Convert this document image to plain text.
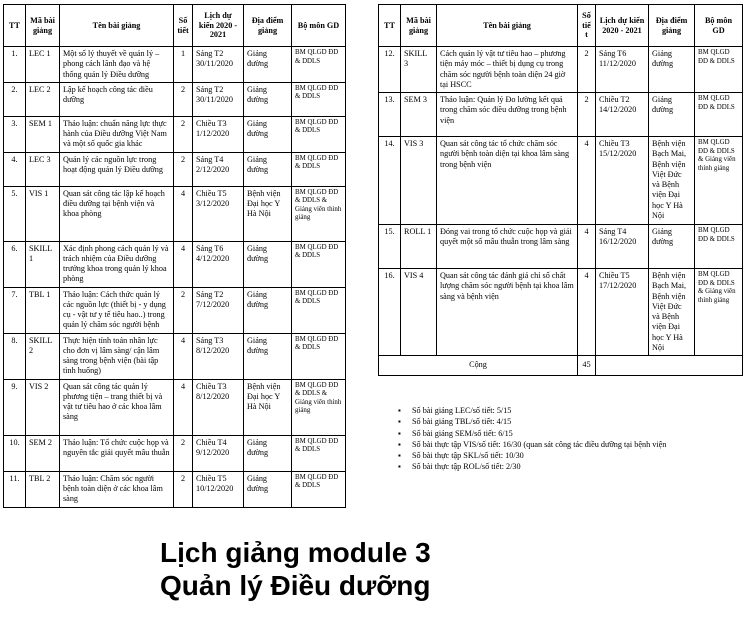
TT	Mã bài giảng	Tên bài giảng	Số tiết	Lịch dự kiến 2020 - 2021	Địa điểm giảng	Bộ môn GD
1.	LEC 1	Một số lý thuyết về quản lý – phong cách lãnh đạo và hệ thống quản lý Điều dưỡng	1	Sáng T2 30/11/2020	Giảng đường	BM QLGD ĐD & DDLS
2.	LEC 2	Lập kế hoạch công tác điều dưỡng	2	Sáng T2 30/11/2020	Giảng đường	BM QLGD ĐD & DDLS
3.	SEM 1	Thảo luận: chuẩn năng lực thực hành của Điều dưỡng Việt Nam và một số quốc gia khác	2	Chiều T3 1/12/2020	Giảng đường	BM QLGD ĐD & DDLS
4.	LEC 3	Quản lý các nguồn lực trong hoạt động quản lý Điều dưỡng	2	Sáng T4 2/12/2020	Giảng đường	BM QLGD ĐD & DDLS
5.	VIS 1	Quan sát công tác lập kế hoạch điều dưỡng tại bệnh viện và khoa phòng	4	Chiều T5 3/12/2020	Bệnh viện Đại học Y Hà Nội	BM QLGD ĐD & DDLS & Giảng viên thỉnh giảng
6.	SKILL 1	Xác định phong cách quản lý và trách nhiệm của Điều dưỡng trưởng khoa trong quản lý khoa phòng	4	Sáng T6 4/12/2020	Giảng đường	BM QLGD ĐD & DDLS
7.	TBL 1	Thảo luận: Cách thức quản lý các nguồn lực (thiết bị - y dụng cụ - vật tư y tế tiêu hao..) trong quản lý chăm sóc người bệnh	2	Sáng T2 7/12/2020	Giảng đường	BM QLGD ĐD & DDLS
8.	SKILL 2	Thực hiện tính toán nhân lực cho đơn vị lâm sàng/ cận lâm sàng trong bệnh viện (bài tập tình huống)	4	Sáng T3 8/12/2020	Giảng đường	BM QLGD ĐD & DDLS
9.	VIS 2	Quan sát công tác quản lý phương tiện – trang thiết bị và vật tư tiêu hao ở các khoa lâm sàng	4	Chiều T3 8/12/2020	Bệnh viện Đại học Y Hà Nội	BM QLGD ĐD & DDLS & Giảng viên thỉnh giảng
10.	SEM 2	Thảo luận: Tổ chức cuộc họp và nguyên tắc giải quyết mâu thuẫn	2	Chiều T4 9/12/2020	Giảng đường	BM QLGD ĐD & DDLS
11.	TBL 2	Thảo luận: Chăm sóc người bệnh toàn diện ở các khoa lâm sàng	2	Chiều T5 10/12/2020	Giảng đường	BM QLGD ĐD & DDLS
TT	Mã bài giảng	Tên bài giảng	Số tiết	Lịch dự kiến 2020 - 2021	Địa điểm giảng	Bộ môn GD
12.	SKILL 3	Cách quản lý vật tư tiêu hao – phương tiện máy móc – thiết bị dụng cụ trong chăm sóc người bệnh toàn diện 24 giờ tại HSCC	2	Sáng T6 11/12/2020	Giảng đường	BM QLGD ĐD & DDLS
13.	SEM 3	Thảo luận: Quản lý Đo lường kết quả trong chăm sóc điều dưỡng trong bệnh viện	2	Chiều T2 14/12/2020	Giảng đường	BM QLGD ĐD & DDLS
14.	VIS 3	Quan sát công tác tổ chức chăm sóc người bệnh toàn diện tại khoa lâm sàng trong bệnh viện	4	Chiều T3 15/12/2020	Bệnh viện Bạch Mai, Bệnh viện Việt Đức và Bệnh viện Đại học Y Hà Nội	BM QLGD ĐD & DDLS & Giảng viên thỉnh giảng
15.	ROLL 1	Đóng vai trong tổ chức cuộc họp và giải quyết một số mâu thuẫn trong lâm sàng	4	Sáng T4 16/12/2020	Giảng đường	BM QLGD ĐD & DDLS
16.	VIS 4	Quan sát công tác đánh giá chỉ số chất lượng chăm sóc người bệnh tại khoa lâm sàng và bệnh viện	4	Chiều T5 17/12/2020	Bệnh viện Bạch Mai, Bệnh viện Việt Đức và Bệnh viện Đại học Y Hà Nội	BM QLGD ĐD & DDLS & Giảng viên thỉnh giảng
Cộng			45			
▪ Số bài giảng LEC/số tiết: 5/15
▪ Số bài giảng TBL/số tiết: 4/15
▪ Số bài giảng SEM/số tiết: 6/15
▪ Số bài thực tập VIS/số tiết: 16/30 (quan sát công tác điều dưỡng tại bệnh viện
▪ Số bài thực tập SKL/số tiết: 10/30
▪ Số bài thực tập ROL/số tiết: 2/30
Lịch giảng module 3
Quản lý Điều dưỡng
